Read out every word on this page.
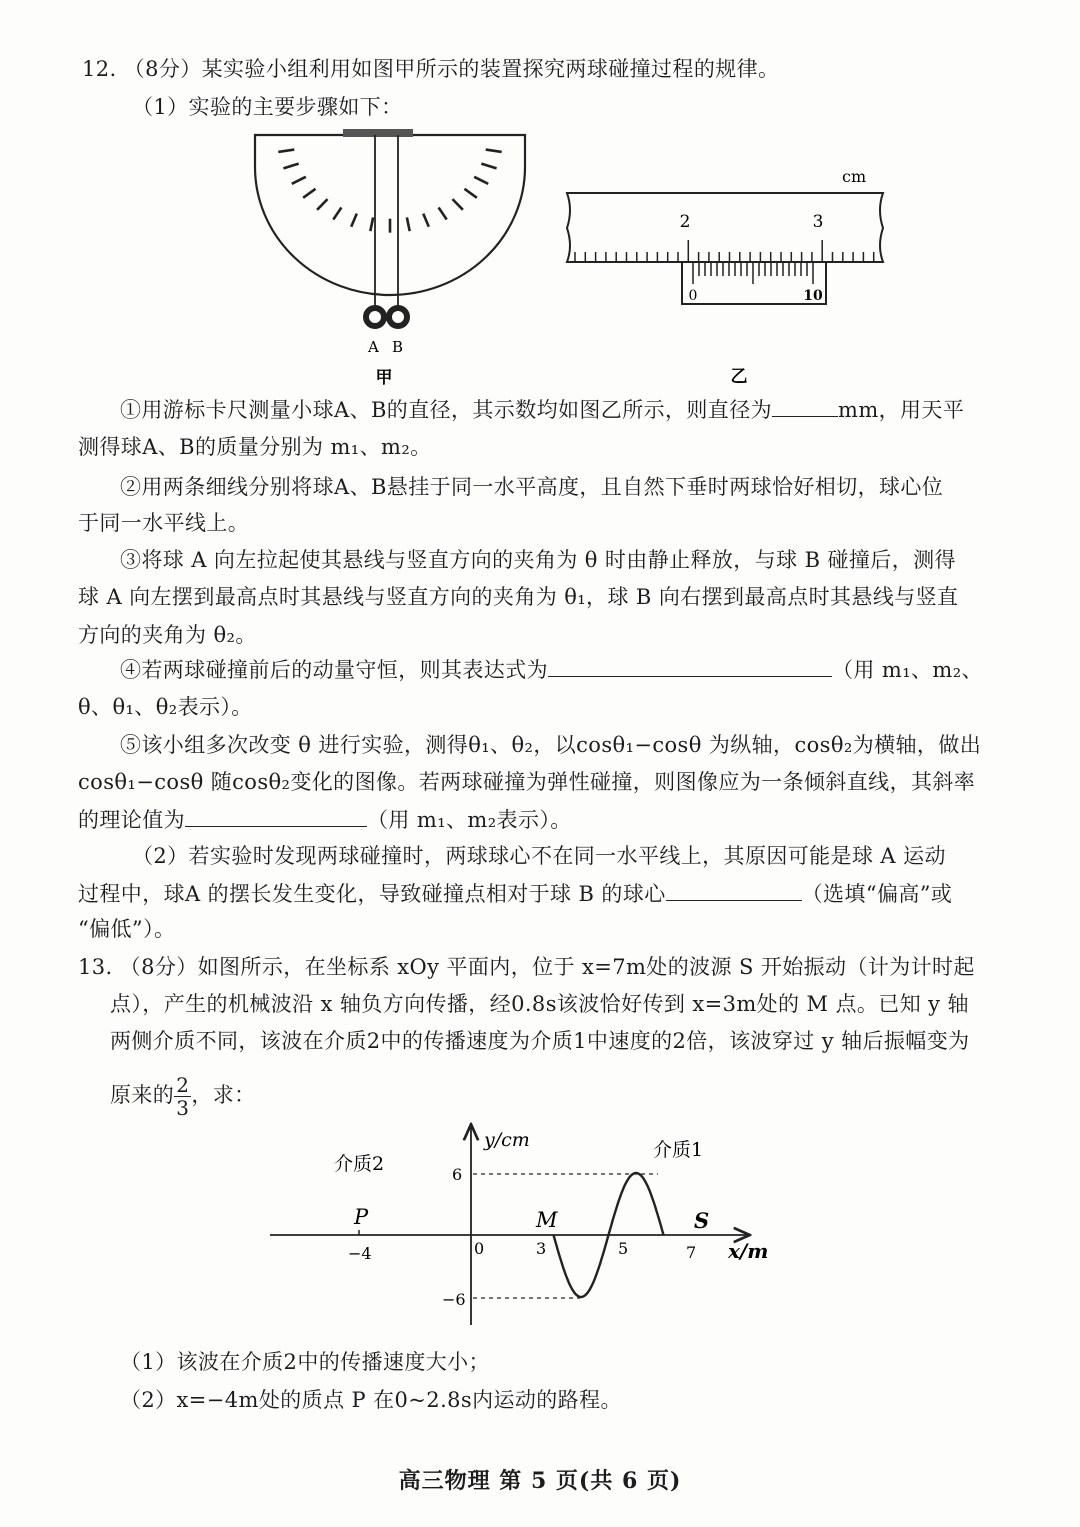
12. （8分）某实验小组利用如图甲所示的装置探究两球碰撞过程的规律。
（1）实验的主要步骤如下：
A B
甲
cm
2	3
0	10
乙
①用游标卡尺测量小球A、B的直径，其示数均如图乙所示，则直径为	mm，用天平
测得球A、B的质量分别为 m₁、m₂。
②用两条细线分别将球A、B悬挂于同一水平高度，且自然下垂时两球恰好相切，球心位
于同一水平线上。
③将球 A 向左拉起使其悬线与竖直方向的夹角为 θ 时由静止释放，与球 B 碰撞后，测得
球 A 向左摆到最高点时其悬线与竖直方向的夹角为 θ₁，球 B 向右摆到最高点时其悬线与竖直
方向的夹角为 θ₂。
④若两球碰撞前后的动量守恒，则其表达式为	（用 m₁、m₂、
θ、θ₁、θ₂表示）。
⑤该小组多次改变 θ 进行实验，测得θ₁、θ₂，以cosθ₁−cosθ 为纵轴，cosθ₂为横轴，做出
cosθ₁−cosθ 随cosθ₂变化的图像。若两球碰撞为弹性碰撞，则图像应为一条倾斜直线，其斜率
的理论值为	（用 m₁、m₂表示）。
（2）若实验时发现两球碰撞时，两球球心不在同一水平线上，其原因可能是球 A 运动
过程中，球A 的摆长发生变化，导致碰撞点相对于球 B 的球心	（选填“偏高”或
“偏低”）。
13. （8分）如图所示，在坐标系 xOy 平面内，位于 x=7m处的波源 S 开始振动（计为计时起
点），产生的机械波沿 x 轴负方向传播，经0.8s该波恰好传到 x=3m处的 M 点。已知 y 轴
两侧介质不同，该波在介质2中的传播速度为介质1中速度的2倍，该波穿过 y 轴后振幅变为
原来的 $\frac{2}{3}$ ，求：
y/cm
x/m
介质2
介质1
6
−6
0
−4	3	5	7
P	M	S
（1）该波在介质2中的传播速度大小；
（2）x=−4m处的质点 P 在0~2.8s内运动的路程。
高三物理 第 5 页(共 6 页)
